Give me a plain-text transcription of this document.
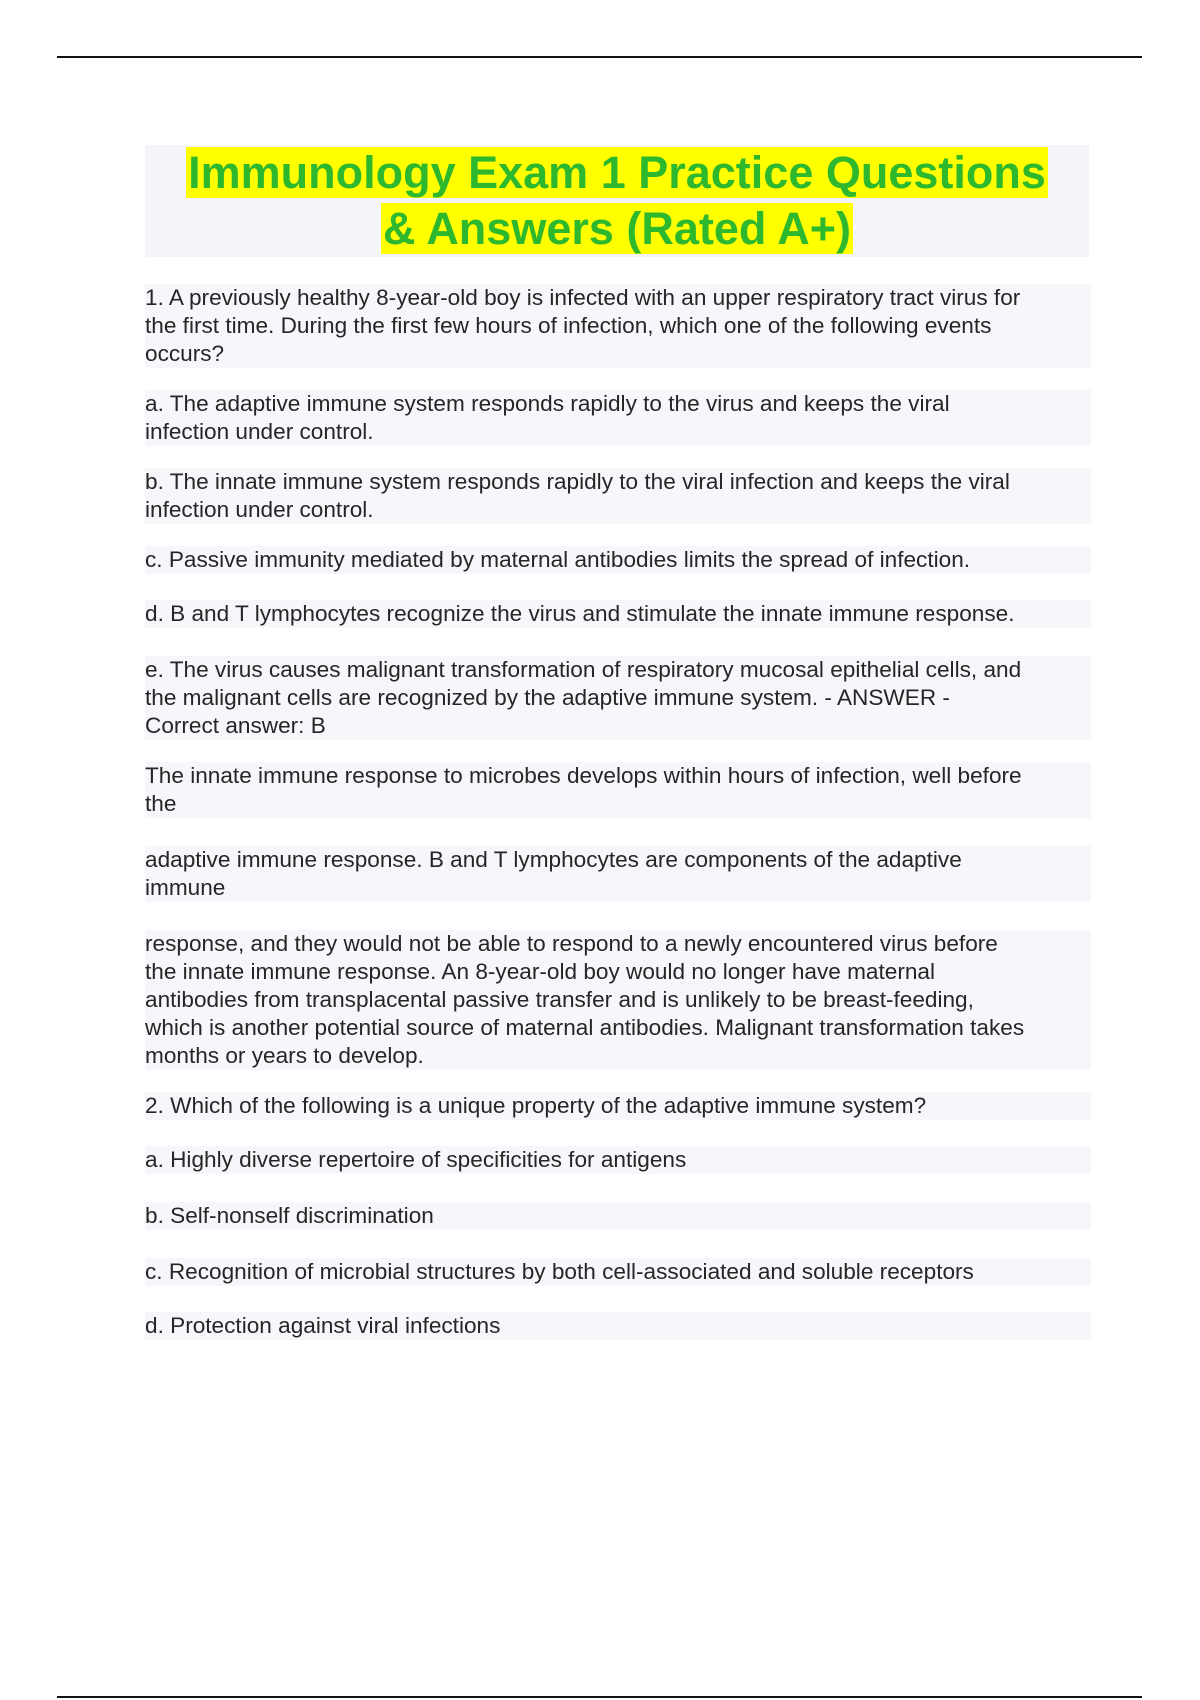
Immunology Exam 1 Practice Questions
& Answers (Rated A+)

1. A previously healthy 8-year-old boy is infected with an upper respiratory tract virus for
the first time. During the first few hours of infection, which one of the following events
occurs?

a. The adaptive immune system responds rapidly to the virus and keeps the viral
infection under control.

b. The innate immune system responds rapidly to the viral infection and keeps the viral
infection under control.

c. Passive immunity mediated by maternal antibodies limits the spread of infection.

d. B and T lymphocytes recognize the virus and stimulate the innate immune response.

e. The virus causes malignant transformation of respiratory mucosal epithelial cells, and
the malignant cells are recognized by the adaptive immune system. - ANSWER -
Correct answer: B

The innate immune response to microbes develops within hours of infection, well before
the

adaptive immune response. B and T lymphocytes are components of the adaptive
immune

response, and they would not be able to respond to a newly encountered virus before
the innate immune response. An 8-year-old boy would no longer have maternal
antibodies from transplacental passive transfer and is unlikely to be breast-feeding,
which is another potential source of maternal antibodies. Malignant transformation takes
months or years to develop.

2. Which of the following is a unique property of the adaptive immune system?

a. Highly diverse repertoire of specificities for antigens

b. Self-nonself discrimination

c. Recognition of microbial structures by both cell-associated and soluble receptors

d. Protection against viral infections
